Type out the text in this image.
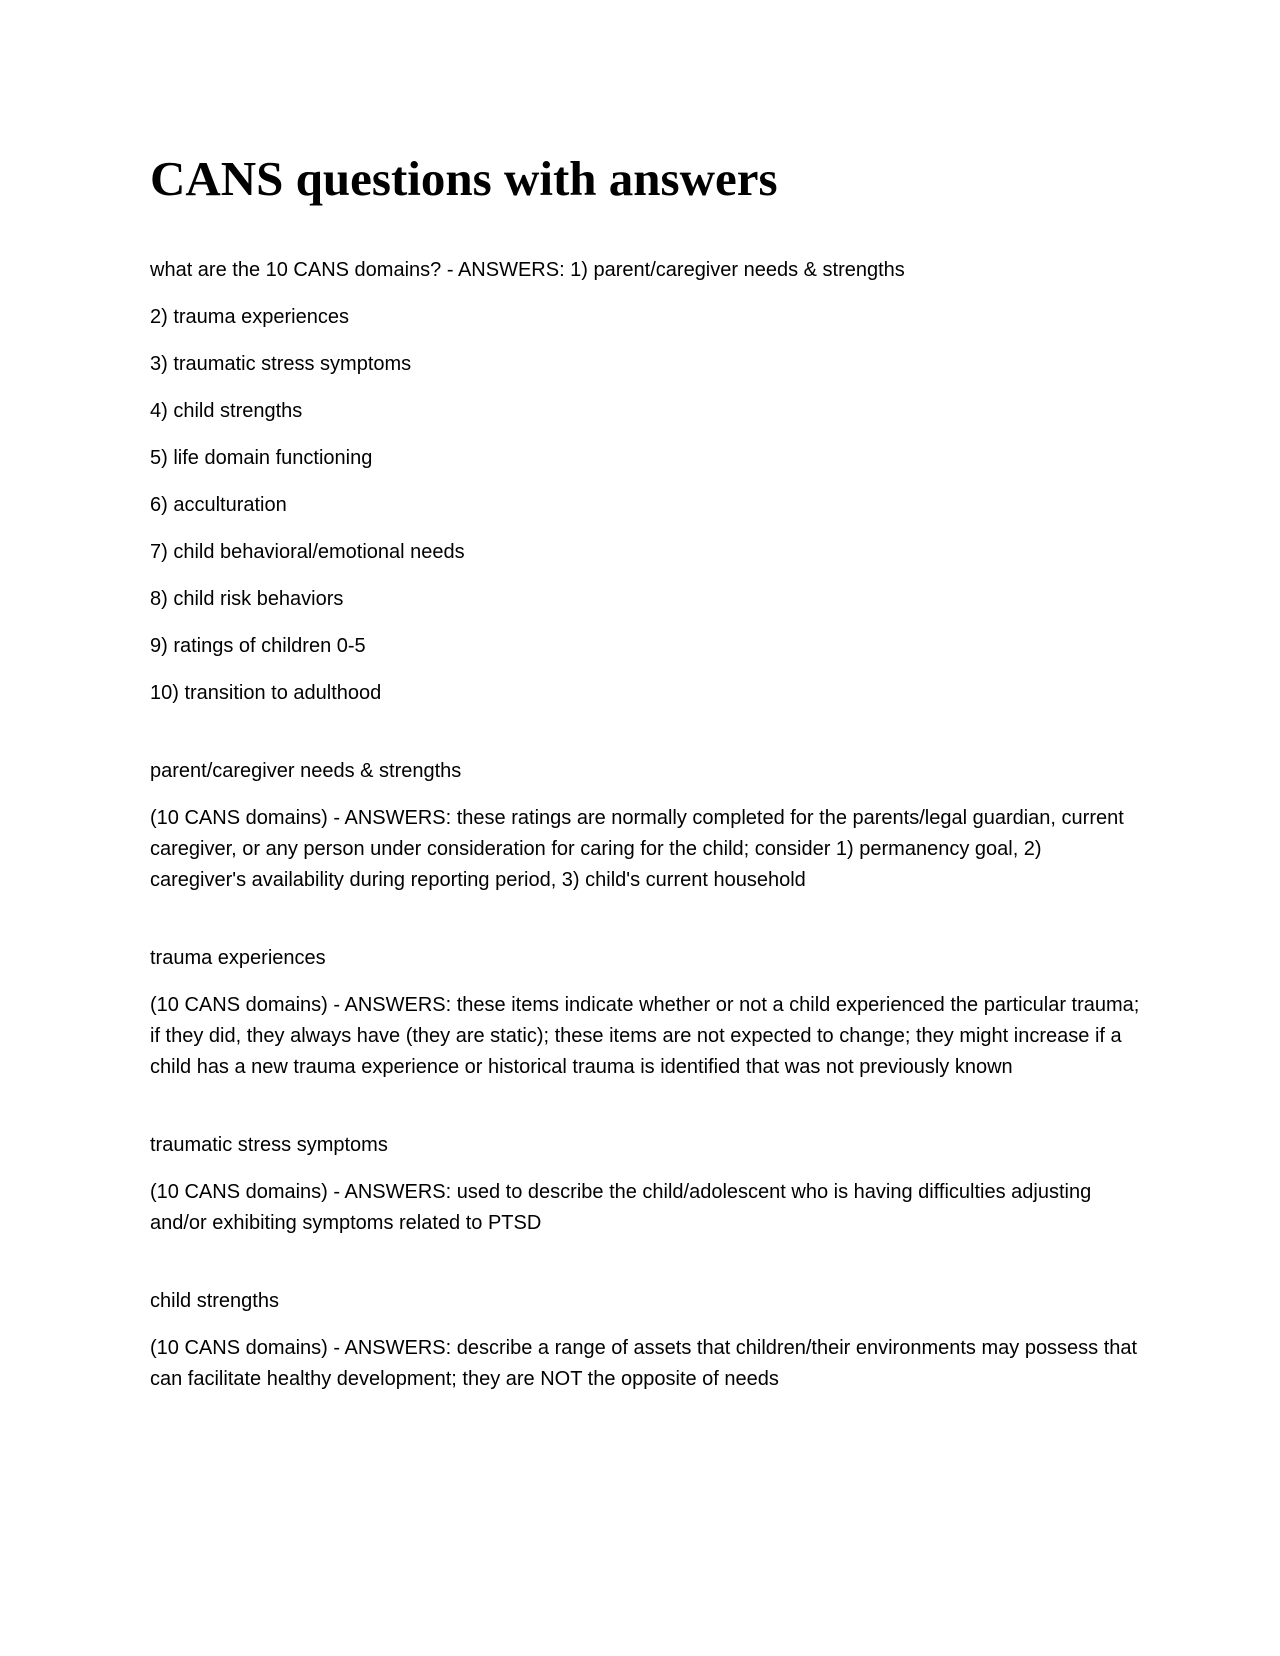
CANS questions with answers

what are the 10 CANS domains? - ANSWERS: 1) parent/caregiver needs & strengths

2) trauma experiences

3) traumatic stress symptoms

4) child strengths

5) life domain functioning

6) acculturation

7) child behavioral/emotional needs

8) child risk behaviors

9) ratings of children 0-5

10) transition to adulthood

parent/caregiver needs & strengths

(10 CANS domains) - ANSWERS: these ratings are normally completed for the parents/legal guardian, current caregiver, or any person under consideration for caring for the child; consider 1) permanency goal, 2) caregiver's availability during reporting period, 3) child's current household

trauma experiences

(10 CANS domains) - ANSWERS: these items indicate whether or not a child experienced the particular trauma; if they did, they always have (they are static); these items are not expected to change; they might increase if a child has a new trauma experience or historical trauma is identified that was not previously known

traumatic stress symptoms

(10 CANS domains) - ANSWERS: used to describe the child/adolescent who is having difficulties adjusting and/or exhibiting symptoms related to PTSD

child strengths

(10 CANS domains) - ANSWERS: describe a range of assets that children/their environments may possess that can facilitate healthy development; they are NOT the opposite of needs
